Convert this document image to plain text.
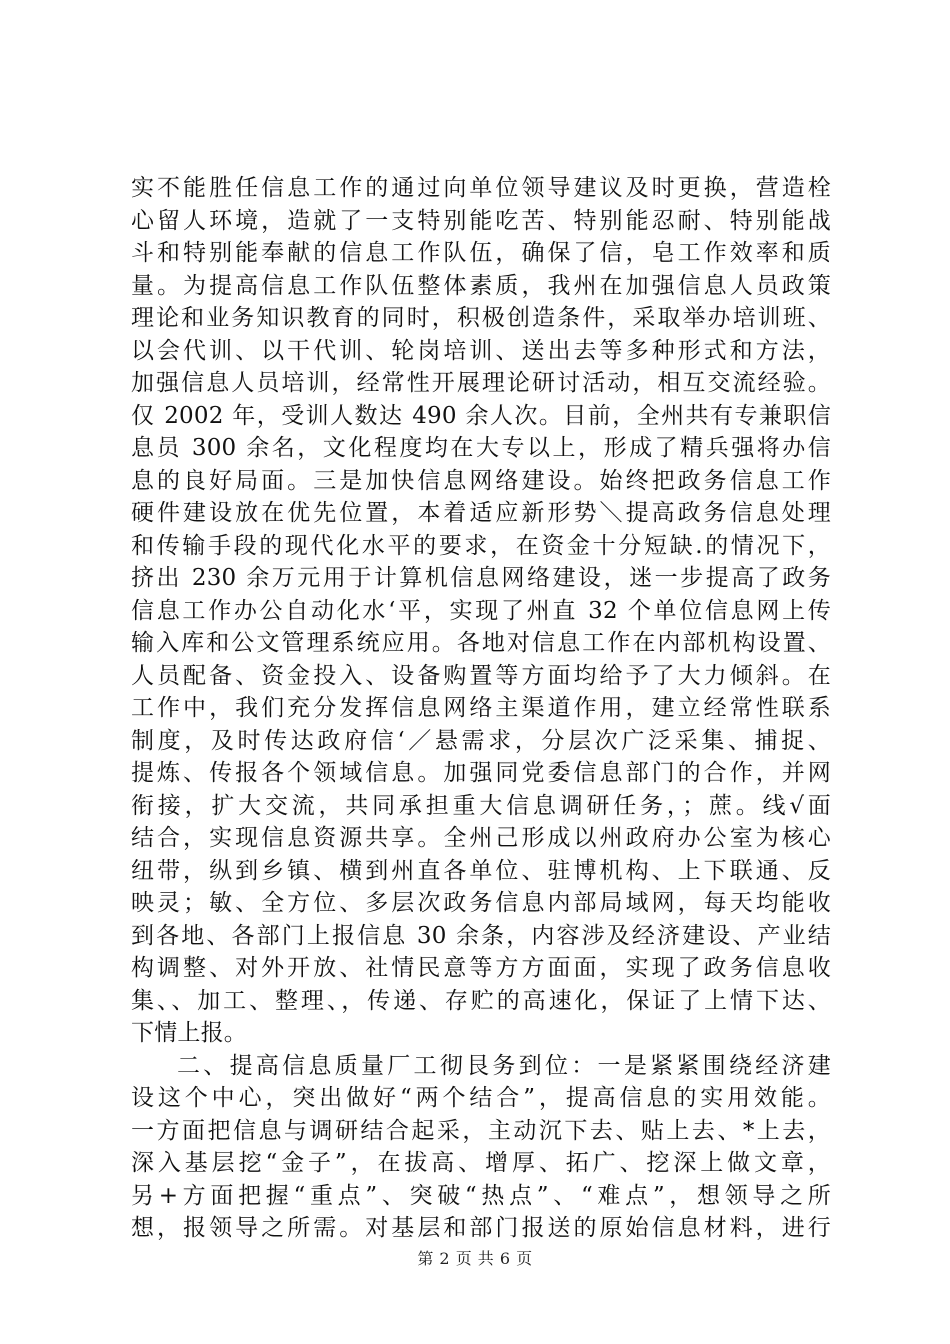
实不能胜任信息工作的通过向单位领导建议及时更换，营造栓
心留人环境，造就了一支特别能吃苦、特别能忍耐、特别能战
斗和特别能奉献的信息工作队伍，确保了信，皂工作效率和质
量。为提高信息工作队伍整体素质，我州在加强信息人员政策
理论和业务知识教育的同时，积极创造条件，采取举办培训班、
以会代训、以干代训、轮岗培训、送出去等多种形式和方法，
加强信息人员培训，经常性开展理论研讨活动，相互交流经验。
仅 2002 年，受训人数达 490 余人次。目前，全州共有专兼职信
息员 300 余名，文化程度均在大专以上，形成了精兵强将办信
息的良好局面。三是加快信息网络建设。始终把政务信息工作
硬件建设放在优先位置，本着适应新形势＼提高政务信息处理
和传输手段的现代化水平的要求，在资金十分短缺.的情况下，
挤出 230 余万元用于计算机信息网络建设，迷一步提高了政务
信息工作办公自动化水‘平，实现了州直 32 个单位信息网上传
输入库和公文管理系统应用。各地对信息工作在内部机构设置、
人员配备、资金投入、设备购置等方面均给予了大力倾斜。在
工作中，我们充分发挥信息网络主渠道作用，建立经常性联系
制度，及时传达政府信‘／悬需求，分层次广泛采集、捕捉、
提炼、传报各个领域信息。加强同党委信息部门的合作，并网
衔接，扩大交流，共同承担重大信息调研任务，；蔗。线√面
结合，实现信息资源共享。全州己形成以州政府办公室为核心
纽带，纵到乡镇、横到州直各单位、驻博机构、上下联通、反
映灵；敏、全方位、多层次政务信息内部局域网，每天均能收
到各地、各部门上报信息 30 余条，内容涉及经济建设、产业结
构调整、对外开放、社情民意等方方面面，实现了政务信息收
集、、加工、整理、，传递、存贮的高速化，保证了上情下达、
下情上报。
二、提高信息质量厂工彻艮务到位：一是紧紧围绕经济建
设这个中心，突出做好“两个结合”，提高信息的实用效能。
一方面把信息与调研结合起采，主动沉下去、贴上去、*上去，
深入基层挖“金子”，在拔高、增厚、拓广、挖深上做文章，
另+方面把握“重点”、突破“热点”、“难点”，想领导之所
想，报领导之所需。对基层和部门报送的原始信息材料，进行
第 2 页 共 6 页
